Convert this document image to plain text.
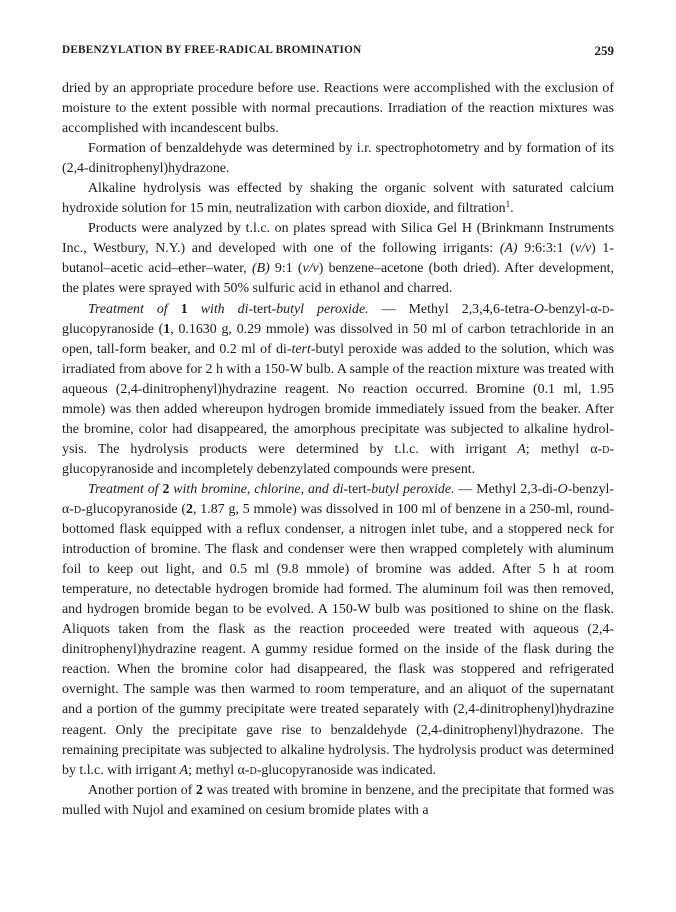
DEBENZYLATION BY FREE-RADICAL BROMINATION	259

dried by an appropriate procedure before use. Reactions were accomplished with the exclusion of moisture to the extent possible with normal precautions. Irradiation of the reaction mixtures was accomplished with incandescent bulbs.

Formation of benzaldehyde was determined by i.r. spectrophotometry and by formation of its (2,4-dinitrophenyl)hydrazone.

Alkaline hydrolysis was effected by shaking the organic solvent with saturated calcium hydroxide solution for 15 min, neutralization with carbon dioxide, and filtration$^1$.

Products were analyzed by t.l.c. on plates spread with Silica Gel H (Brinkmann Instruments Inc., Westbury, N.Y.) and developed with one of the following irrigants: (A) 9:6:3:1 (v/v) 1-butanol–acetic acid–ether–water, (B) 9:1 (v/v) benzene–acetone (both dried). After development, the plates were sprayed with 50% sulfuric acid in ethanol and charred.

Treatment of 1 with di-tert-butyl peroxide. — Methyl 2,3,4,6-tetra-O-benzyl-α-d-glucopyranoside (1, 0.1630 g, 0.29 mmole) was dissolved in 50 ml of carbon tetrachloride in an open, tall-form beaker, and 0.2 ml of di-tert-butyl peroxide was added to the solution, which was irradiated from above for 2 h with a 150-W bulb. A sample of the reaction mixture was treated with aqueous (2,4-dinitrophenyl)hydrazine reagent. No reaction occurred. Bromine (0.1 ml, 1.95 mmole) was then added whereupon hydrogen bromide immediately issued from the beaker. After the bromine, color had disappeared, the amorphous precipitate was subjected to alkaline hydrolysis. The hydrolysis products were determined by t.l.c. with irrigant A; methyl α-d-glucopyranoside and incompletely debenzylated compounds were present.

Treatment of 2 with bromine, chlorine, and di-tert-butyl peroxide. — Methyl 2,3-di-O-benzyl-α-d-glucopyranoside (2, 1.87 g, 5 mmole) was dissolved in 100 ml of benzene in a 250-ml, round-bottomed flask equipped with a reflux condenser, a nitrogen inlet tube, and a stoppered neck for introduction of bromine. The flask and condenser were then wrapped completely with aluminum foil to keep out light, and 0.5 ml (9.8 mmole) of bromine was added. After 5 h at room temperature, no detectable hydrogen bromide had formed. The aluminum foil was then removed, and hydrogen bromide began to be evolved. A 150-W bulb was positioned to shine on the flask. Aliquots taken from the flask as the reaction proceeded were treated with aqueous (2,4-dinitrophenyl)hydrazine reagent. A gummy residue formed on the inside of the flask during the reaction. When the bromine color had disappeared, the flask was stoppered and refrigerated overnight. The sample was then warmed to room temperature, and an aliquot of the supernatant and a portion of the gummy precipitate were treated separately with (2,4-dinitrophenyl)hydrazine reagent. Only the precipitate gave rise to benzaldehyde (2,4-dinitrophenyl)hydrazone. The remaining precipitate was subjected to alkaline hydrolysis. The hydrolysis product was determined by t.l.c. with irrigant A; methyl α-d-glucopyranoside was indicated.

Another portion of 2 was treated with bromine in benzene, and the precipitate that formed was mulled with Nujol and examined on cesium bromide plates with a
